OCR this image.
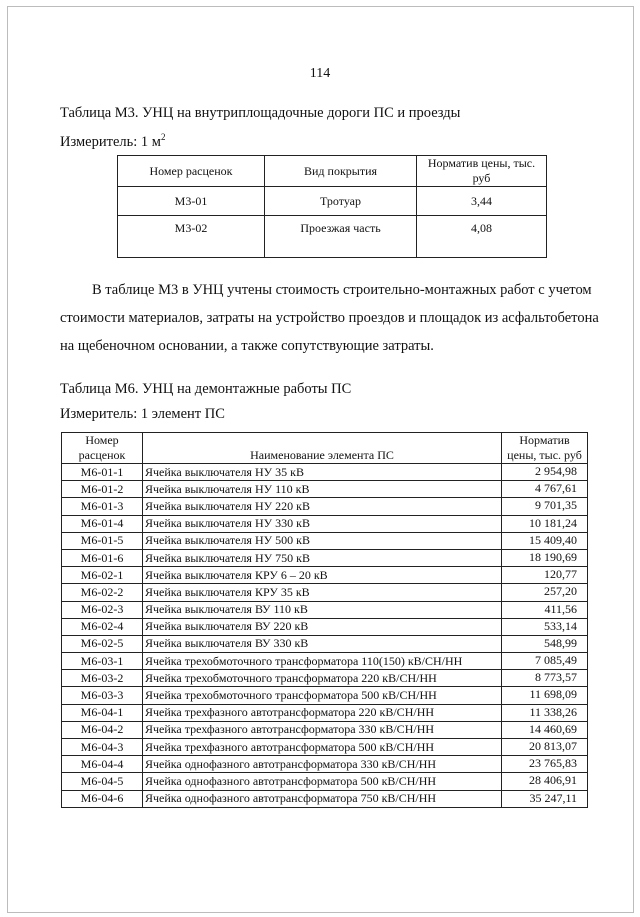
114
Таблица М3. УНЦ на внутриплощадочные дороги ПС и проезды
Измеритель: 1 $м^2$
Номер расценок	Вид покрытия	Норматив цены, тыс. руб
М3-01	Тротуар	3,44
М3-02	Проезжая часть	4,08

В таблице М3 в УНЦ учтены стоимость строительно-монтажных работ с учетом стоимости материалов, затраты на устройство проездов и площадок из асфальтобетона на щебеночном основании, а также сопутствующие затраты.

Таблица М6. УНЦ на демонтажные работы ПС
Измеритель: 1 элемент ПС
Номер расценок	Наименование элемента ПС	Норматив цены, тыс. руб
М6-01-1	Ячейка выключателя НУ 35 кВ	2 954,98
М6-01-2	Ячейка выключателя НУ 110 кВ	4 767,61
М6-01-3	Ячейка выключателя НУ 220 кВ	9 701,35
М6-01-4	Ячейка выключателя НУ 330 кВ	10 181,24
М6-01-5	Ячейка выключателя НУ 500 кВ	15 409,40
М6-01-6	Ячейка выключателя НУ 750 кВ	18 190,69
М6-02-1	Ячейка выключателя КРУ 6 – 20 кВ	120,77
М6-02-2	Ячейка выключателя КРУ 35 кВ	257,20
М6-02-3	Ячейка выключателя ВУ 110 кВ	411,56
М6-02-4	Ячейка выключателя ВУ 220 кВ	533,14
М6-02-5	Ячейка выключателя ВУ 330 кВ	548,99
М6-03-1	Ячейка трехобмоточного трансформатора 110(150) кВ/СН/НН	7 085,49
М6-03-2	Ячейка трехобмоточного трансформатора 220 кВ/СН/НН	8 773,57
М6-03-3	Ячейка трехобмоточного трансформатора 500 кВ/СН/НН	11 698,09
М6-04-1	Ячейка трехфазного автотрансформатора 220 кВ/СН/НН	11 338,26
М6-04-2	Ячейка трехфазного автотрансформатора 330 кВ/СН/НН	14 460,69
М6-04-3	Ячейка трехфазного автотрансформатора 500 кВ/СН/НН	20 813,07
М6-04-4	Ячейка однофазного автотрансформатора 330 кВ/СН/НН	23 765,83
М6-04-5	Ячейка однофазного автотрансформатора 500 кВ/СН/НН	28 406,91
М6-04-6	Ячейка однофазного автотрансформатора 750 кВ/СН/НН	35 247,11
